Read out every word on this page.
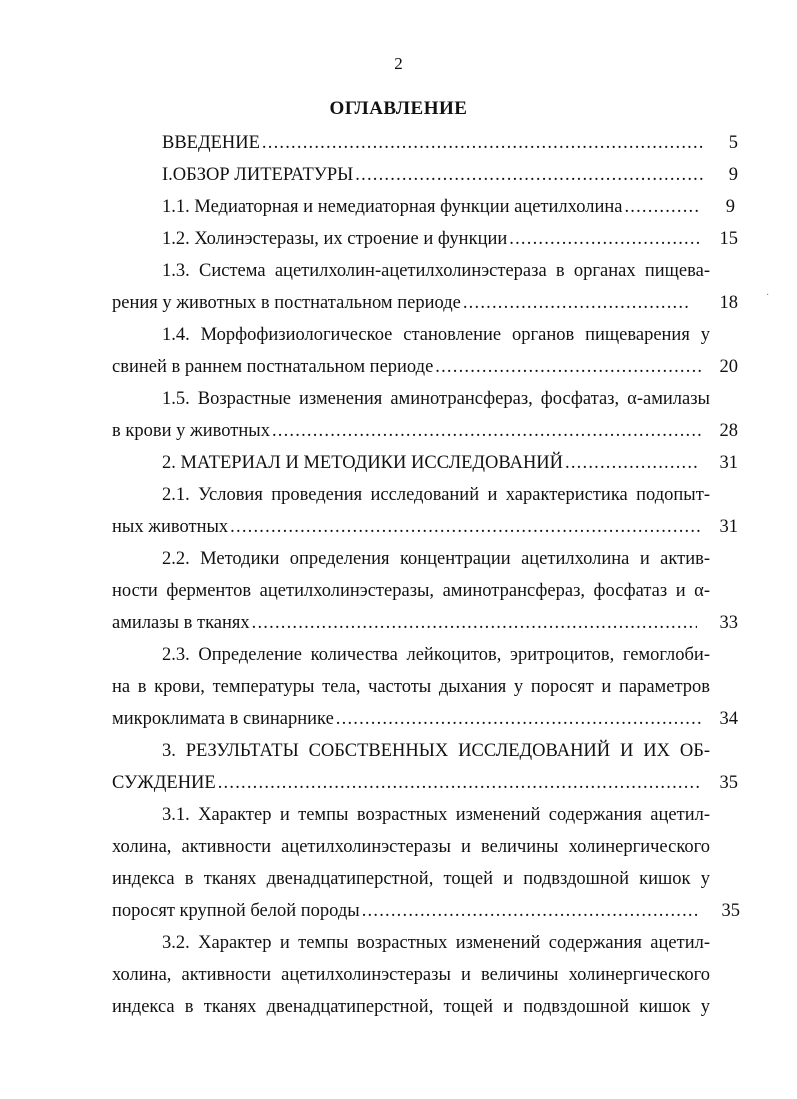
2
ОГЛАВЛЕНИЕ
ВВЕДЕНИЕ .....	5
I.ОБЗОР ЛИТЕРАТУРЫ .....	9
1.1. Медиаторная и немедиаторная функции ацетилхолина .....	9
1.2. Холинэстеразы, их строение и функции .....	15
1.3. Система ацетилхолин-ацетилхолинэстераза в органах пищева-
рения у животных в постнатальном периоде .....	18
1.4. Морфофизиологическое становление органов пищеварения у
свиней в раннем постнатальном периоде .....	20
1.5. Возрастные изменения аминотрансфераз, фосфатаз, α-амилазы
в крови у животных .....	28
2. МАТЕРИАЛ И МЕТОДИКИ ИССЛЕДОВАНИЙ .....	31
2.1. Условия проведения исследований и характеристика подопыт-
ных животных .....	31
2.2. Методики определения концентрации ацетилхолина и актив-
ности ферментов ацетилхолинэстеразы, аминотрансфераз, фосфатаз и α-
амилазы в тканях .....	33
2.3. Определение количества лейкоцитов, эритроцитов, гемоглоби-
на в крови, температуры тела, частоты дыхания у поросят и параметров
микроклимата в свинарнике .....	34
3. РЕЗУЛЬТАТЫ СОБСТВЕННЫХ ИССЛЕДОВАНИЙ И ИХ ОБ-
СУЖДЕНИЕ .....	35
3.1. Характер и темпы возрастных изменений содержания ацетил-
холина, активности ацетилхолинэстеразы и величины холинергического
индекса в тканях двенадцатиперстной, тощей и подвздошной кишок у
поросят крупной белой породы .....	35
3.2. Характер и темпы возрастных изменений содержания ацетил-
холина, активности ацетилхолинэстеразы и величины холинергического
индекса в тканях двенадцатиперстной, тощей и подвздошной кишок у
·
